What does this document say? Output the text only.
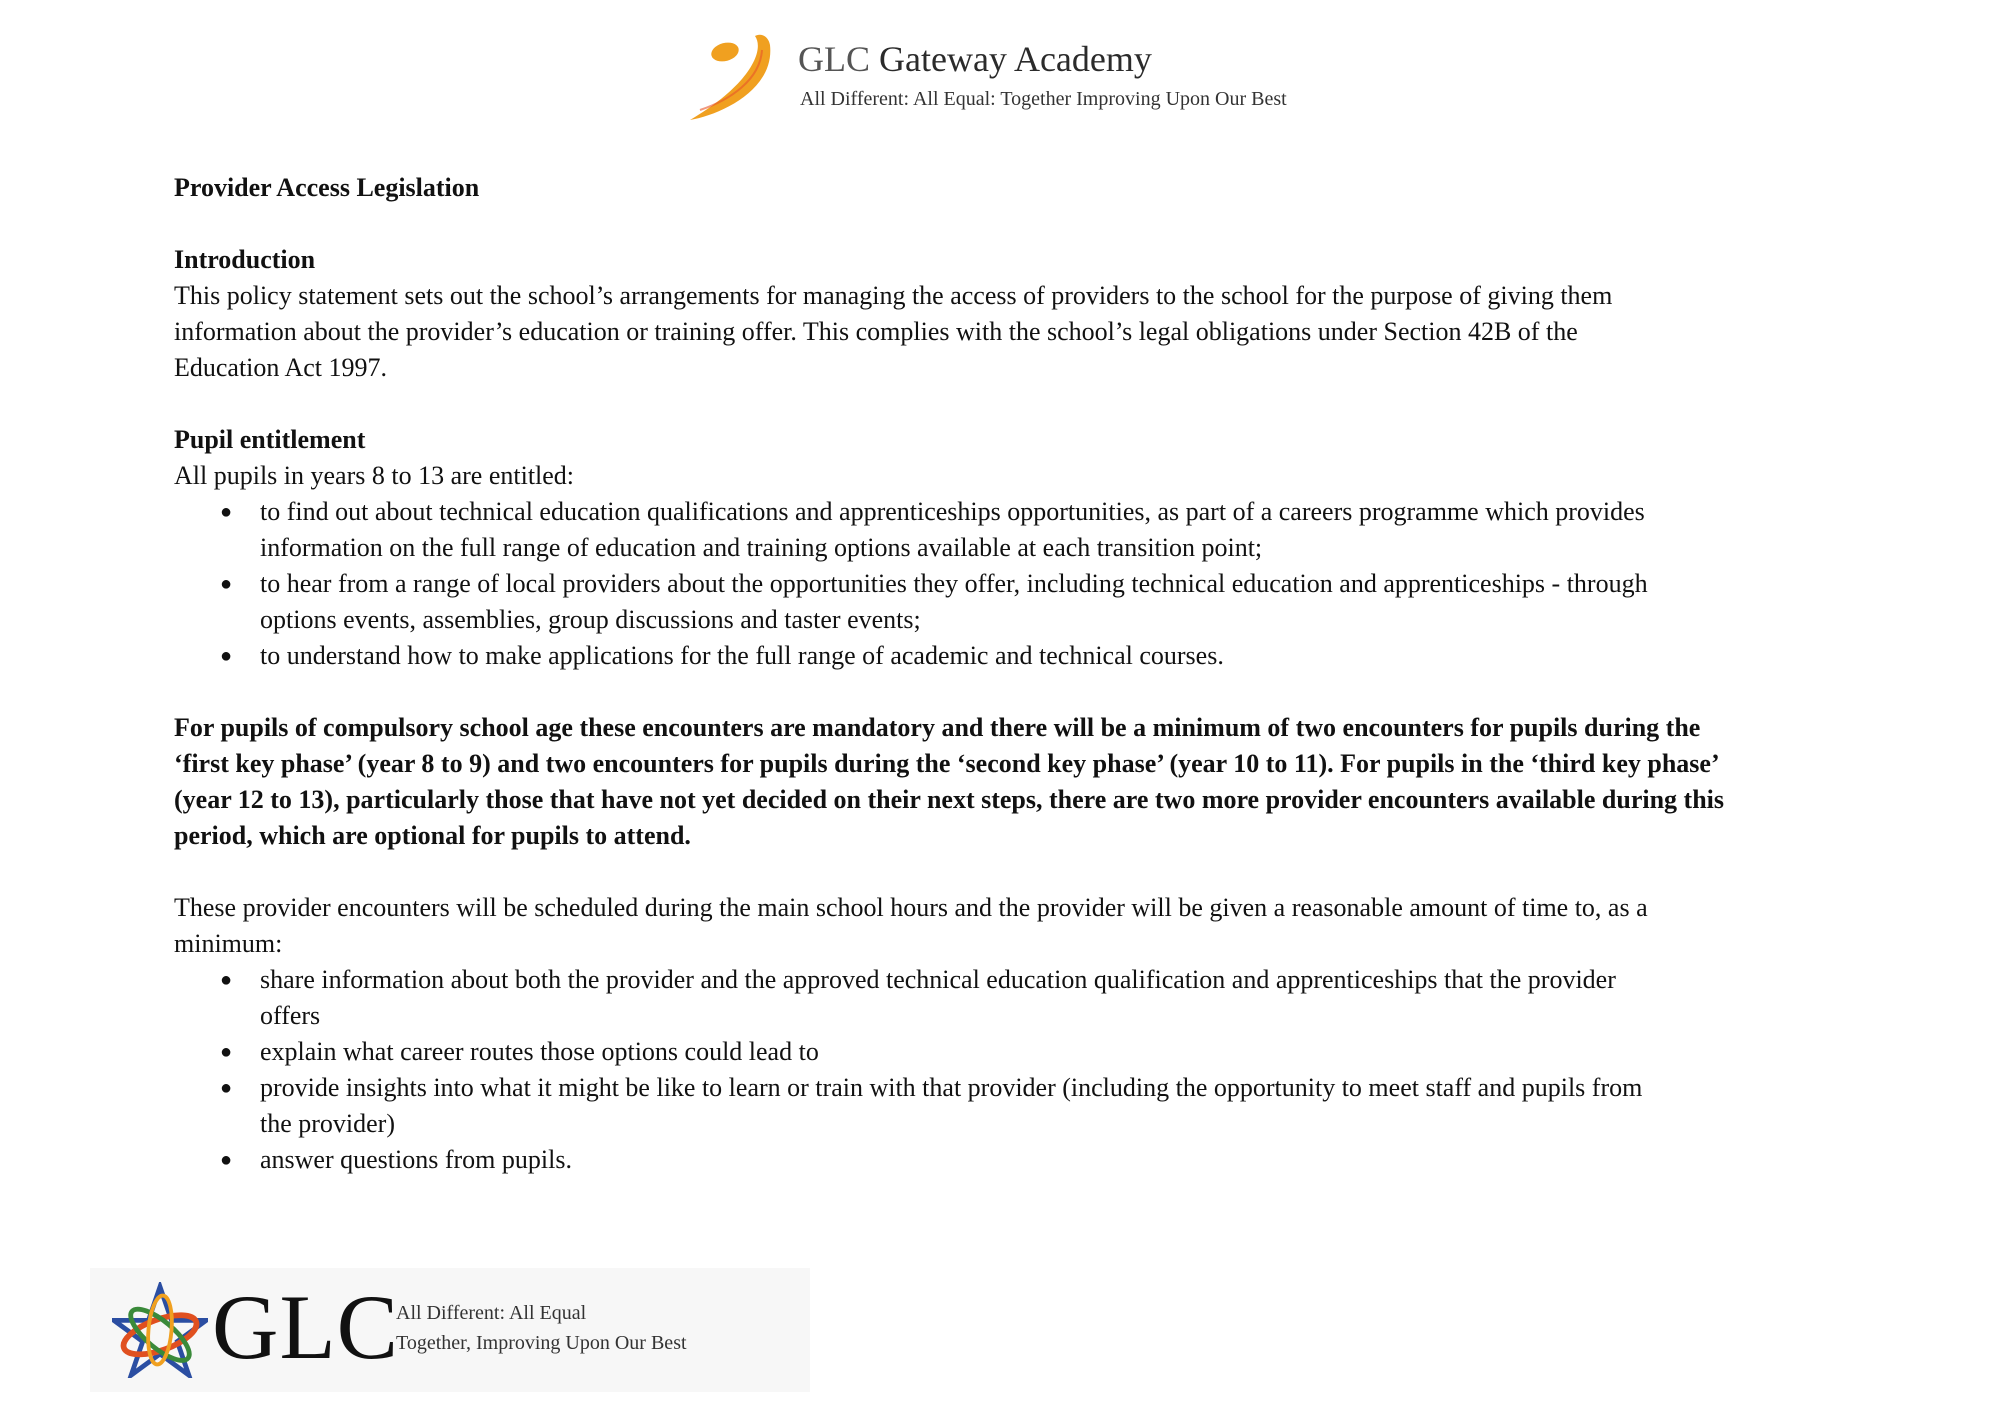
GLC Gateway Academy
All Different: All Equal: Together Improving Upon Our Best

Provider Access Legislation

Introduction

This policy statement sets out the school’s arrangements for managing the access of providers to the school for the purpose of giving them

information about the provider’s education or training offer. This complies with the school’s legal obligations under Section 42B of the

Education Act 1997.

Pupil entitlement

All pupils in years 8 to 13 are entitled:

● to find out about technical education qualifications and apprenticeships opportunities, as part of a careers programme which provides
information on the full range of education and training options available at each transition point;
● to hear from a range of local providers about the opportunities they offer, including technical education and apprenticeships - through
options events, assemblies, group discussions and taster events;
● to understand how to make applications for the full range of academic and technical courses.

For pupils of compulsory school age these encounters are mandatory and there will be a minimum of two encounters for pupils during the

‘first key phase’ (year 8 to 9) and two encounters for pupils during the ‘second key phase’ (year 10 to 11). For pupils in the ‘third key phase’

(year 12 to 13), particularly those that have not yet decided on their next steps, there are two more provider encounters available during this

period, which are optional for pupils to attend.

These provider encounters will be scheduled during the main school hours and the provider will be given a reasonable amount of time to, as a

minimum:

● share information about both the provider and the approved technical education qualification and apprenticeships that the provider
offers
● explain what career routes those options could lead to
● provide insights into what it might be like to learn or train with that provider (including the opportunity to meet staff and pupils from
the provider)
● answer questions from pupils.
GLC
All Different: All Equal
Together, Improving Upon Our Best
